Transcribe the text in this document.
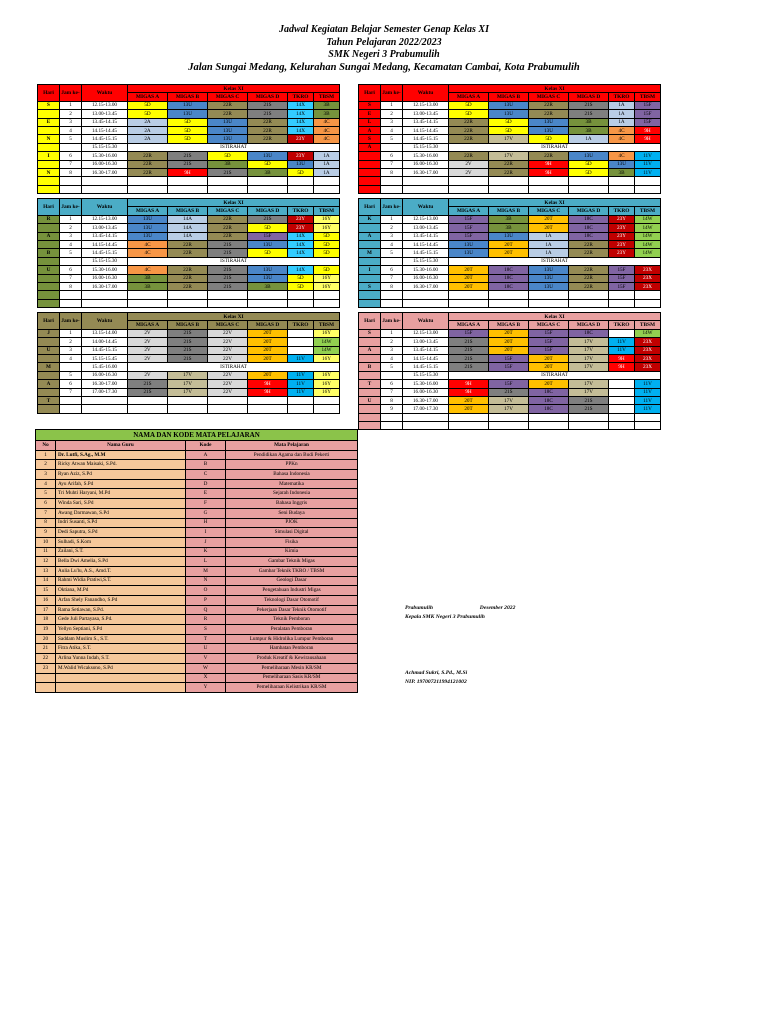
Jadwal Kegiatan Belajar Semester Genap Kelas XI
Tahun Pelajaran 2022/2023
SMK Negeri 3 Prabumulih
Jalan Sungai Medang, Kelurahan Sungai Medang, Kecamatan Cambai, Kota Prabumulih
Hari	Jam ke-	Waktu	Kelas XI					
			MIGAS A	MIGAS B	MIGAS C	MIGAS D	TKRO	TBSM
S	1	12.15-13.00	5D	13U	22R	21S	14X	3B
	2	13.00-13.45	5D	13U	22R	21S	14X	3B
E	3	13.45-14.15	2A	5D	13U	22R	14X	4C
	4	14.15-14.45	2A	5D	13U	22R	14X	4C
N	5	14.45-15.15	2A	5D	13U	22R	23Y	4C
		15.15-15.30	ISTIRAHAT					
I	6	15.30-16.00	22R	21S	5D	13U	23Y	1A
	7	16.00-16.30	22R	21S	3B	5D	13U	1A
N	8	16.30-17.00	22R	9H	21S	3B	5D	1A

Hari	Jam ke-	Waktu	Kelas XI					
			MIGAS A	MIGAS B	MIGAS C	MIGAS D	TKRO	TBSM
S	1	12.15-13.00	5D	13U	22R	21S	1A	15F
E	2	13.00-13.45	5D	13U	22R	21S	1A	15F
L	3	13.45-14.15	22R	5D	13U	3B	1A	15F
A	4	14.15-14.45	22R	5D	13U	3B	4C	9H
S	5	14.45-15.15	22R	17V	5D	1A	4C	9H
A		15.15-15.30	ISTIRAHAT					
	6	15.30-16.00	22R	17V	22R	13U	4C	11V
	7	16.00-16.30	2V	22R	9H	5D	13U	11V
	8	16.30-17.00	2V	22R	9H	5D	3B	11V

Hari	Jam ke-	Waktu	Kelas XI					
			MIGAS A	MIGAS B	MIGAS C	MIGAS D	TKRO	TBSM
R	1	12.15-13.00	13U	14A	22R	21S	23Y	16Y
	2	13.00-13.45	13U	14A	22R	5D	23Y	16Y
A	3	13.45-14.15	13U	14A	22R	15F	14X	5D
	4	14.15-14.45	4C	22R	21S	13U	14X	5D
B	5	14.45-15.15	4C	22R	21S	5D	14X	5D
		15.15-15.30	ISTIRAHAT					
U	6	15.30-16.00	4C	22R	21S	13U	14X	5D
	7	16.00-16.30	3B	22R	21S	13U	5D	16Y
	8	16.30-17.00	3B	22R	21S	3B	5D	16Y

Hari	Jam ke-	Waktu	Kelas XI					
			MIGAS A	MIGAS B	MIGAS C	MIGAS D	TKRO	TBSM
K	1	12.15-13.00	15F	3B	20T	18C	23Y	14W
	2	13.00-13.45	15F	3B	20T	18C	23Y	14W
A	3	13.45-14.15	15F	13U	1A	18C	23Y	14W
	4	14.15-14.45	13U	20T	1A	22R	23Y	14W
M	5	14.45-15.15	13U	20T	1A	22R	23Y	14W
		15.15-15.30	ISTIRAHAT					
I	6	15.30-16.00	20T	18C	13U	22R	15F	23X
	7	16.00-16.30	20T	18C	13U	22R	15F	23X
S	8	16.30-17.00	20T	18C	13U	22R	15F	23X

Hari	Jam ke-	Waktu	Kelas XI					
			MIGAS A	MIGAS B	MIGAS C	MIGAS D	TKRO	TBSM
J	1	13.15-14.00	2V	21S	22V	20T	23W	16Y
	2	14.00-14.45	2V	21S	22V	20T	23W	14W
U	3	14.45-15.15	2V	21S	22V	20T	23W	14W
	4	15.15-15.45	2V	21S	22V	20T	11V	16Y
M		15.45-16.00	ISTIRAHAT					
	5	16.00-16.30	2V	17V	22V	20T	11V	16Y
A	6	16.30-17.00	21S	17V	22V	9H	11V	16Y
	7	17.00-17.30	21S	17V	22V	9H	11V	16Y
T								

Hari	Jam ke-	Waktu	Kelas XI					
			MIGAS A	MIGAS B	MIGAS C	MIGAS D	TKRO	TBSM
S	1	12.15-13.00	15F	20T	15F	18C	23W	14W
	2	13.00-13.45	21S	20T	15F	17V	11V	23X
A	3	13.45-14.15	21S	20T	15F	17V	11V	23X
	4	14.15-14.45	21S	15F	20T	17V	9H	23X
B	5	14.45-15.15	21S	15F	20T	17V	9H	23X
		15.15-15.30	ISTIRAHAT					
T	6	15.30-16.00	9H	15F	20T	17V	23W	11V
	7	16.00-16.30	9H	21S	18C	17V	23W	11V
U	8	16.30-17.00	20T	17V	18C	21S	23W	11V
	9	17.00-17.30	20T	17V	18C	21S	23W	11V

NAMA DAN KODE MATA PELAJARAN			
No	Nama Guru	Kode	Mata Pelajaran
1	Dr. Lutfi, S.Ag., M.M	A	Pendidikan Agama dan Budi Pekerti
2	Ricky Atwan Maisaki, S.Pd.	B	PPKn
3	Ryan Aziz, S.Pd	C	Bahasa Indonesia
4	Ayu Arifah, S.Pd	D	Matematika
5	Tri Muhti Haryani, M.Pd	E	Sejarah Indonesia
6	Winda Sari, S.Pd	F	Bahasa Inggris
7	Awang Darmawan, S.Pd	G	Seni Budaya
8	Indri Susanti, S.Pd	H	PJOK
9	Dedi Saputra, S.Pd	I	Simulasi Digital
10	Sulhadi, S.Kom	J	Fisika
11	Zailani, S.T.	K	Kimia
12	Bella Dwi Amelia, S.Pd	L	Gambar Teknik Migas
13	Aulia Lu'lu, A.S., Amd.T.	M	Gambar Teknik TKRO / TBSM
14	Rahmi Widia Pratiwi,S.T.	N	Geologi Dasar
15	Oktiana, M.Pd	O	Pengetahuan Industri Migas
16	Arfan Shely Fanandho, S.Pd	P	Teknologi Dasar Otomotif
17	Rama Setiawan, S.Pd.	Q	Pekerjaan Dasar Teknik Otomotif
18	Gede Juli Partayasa, S.Pd.	R	Teknik Pemboran
19	Yellyn Septiani, S.Pd	S	Peralatan Pemboran
20	Saddam Muslim S., S.T.	T	Lumpur & Hidrolika Lumpur Pemboran
21	Fitra Atika, S.T.	U	Hambatan Pemboran
22	Arlina Yunna Indah, S.T.	V	Produk Kreatif & Kewirausahaan
23	M.Walid Wicaksono, S.Pd	W	Pemeliharaan Mesin KR/SM
		X	Pemeliharaan Sasis KR/SM
		Y	Pemeliharaan Kelistrikan KR/SM
Prabumulih	Desember 2022
Kepala SMK Negeri 3 Prabumulih
Achmad Sukri, S.Pd., M.Si
NIP. 197007211994121002
